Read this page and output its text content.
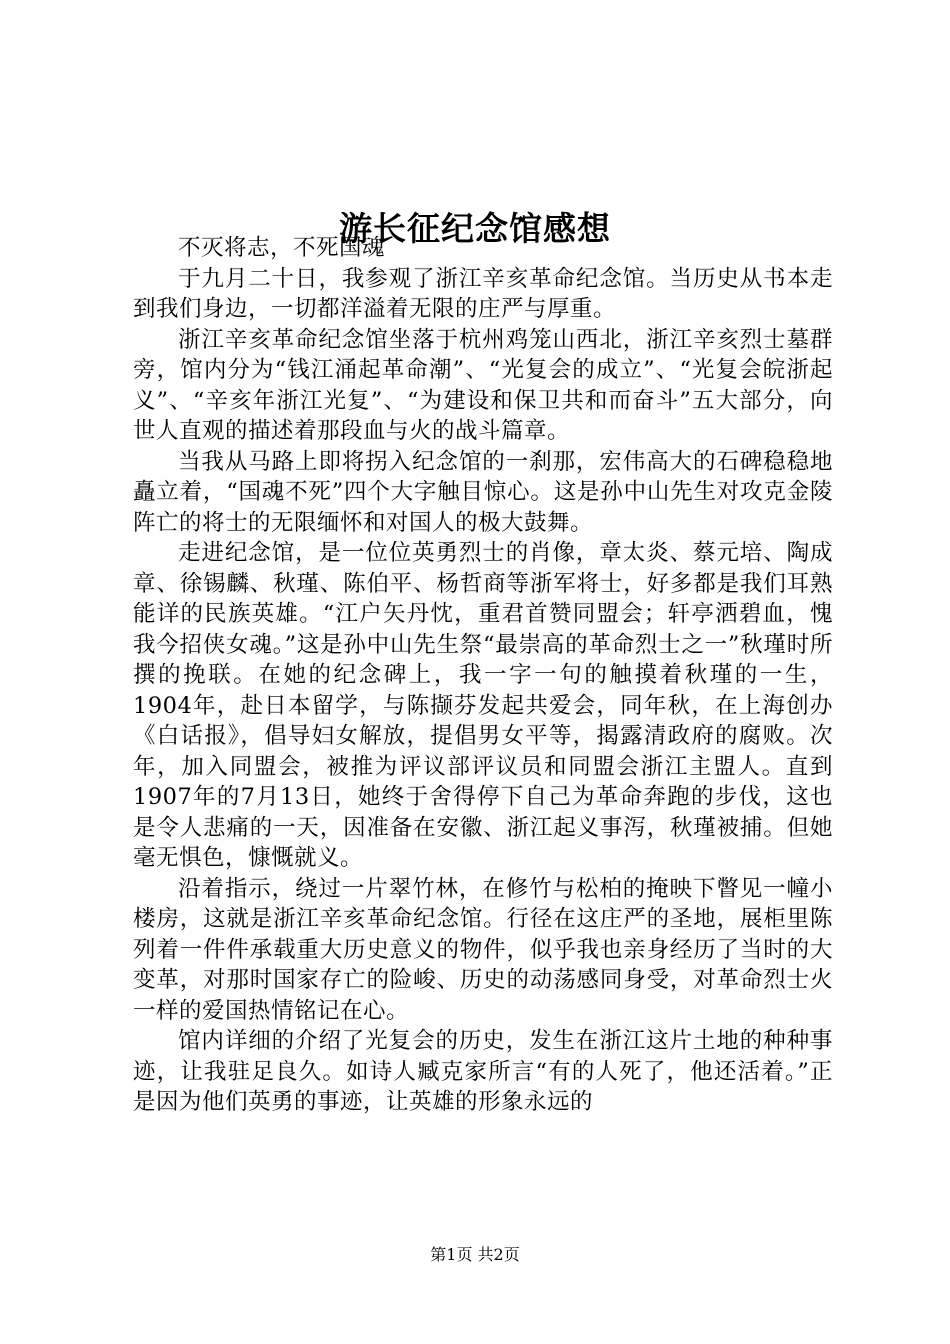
游长征纪念馆感想

不灭将志，不死国魂

于九月二十日，我参观了浙江辛亥革命纪念馆。当历史从书本走到我们身边，一切都洋溢着无限的庄严与厚重。

浙江辛亥革命纪念馆坐落于杭州鸡笼山西北，浙江辛亥烈士墓群旁，馆内分为“钱江涌起革命潮”、“光复会的成立”、“光复会皖浙起义”、“辛亥年浙江光复”、“为建设和保卫共和而奋斗”五大部分，向世人直观的描述着那段血与火的战斗篇章。

当我从马路上即将拐入纪念馆的一刹那，宏伟高大的石碑稳稳地矗立着，“国魂不死”四个大字触目惊心。这是孙中山先生对攻克金陵阵亡的将士的无限缅怀和对国人的极大鼓舞。

走进纪念馆，是一位位英勇烈士的肖像，章太炎、蔡元培、陶成章、徐锡麟、秋瑾、陈伯平、杨哲商等浙军将士，好多都是我们耳熟能详的民族英雄。“江户矢丹忱，重君首赞同盟会；轩亭洒碧血，愧我今招侠女魂。”这是孙中山先生祭“最崇高的革命烈士之一”秋瑾时所撰的挽联。在她的纪念碑上，我一字一句的触摸着秋瑾的一生，1904年，赴日本留学，与陈撷芬发起共爱会，同年秋，在上海创办《白话报》，倡导妇女解放，提倡男女平等，揭露清政府的腐败。次年，加入同盟会，被推为评议部评议员和同盟会浙江主盟人。直到1907年的7月13日，她终于舍得停下自己为革命奔跑的步伐，这也是令人悲痛的一天，因准备在安徽、浙江起义事泻，秋瑾被捕。但她毫无惧色，慷慨就义。

沿着指示，绕过一片翠竹林，在修竹与松柏的掩映下瞥见一幢小楼房，这就是浙江辛亥革命纪念馆。行径在这庄严的圣地，展柜里陈列着一件件承载重大历史意义的物件，似乎我也亲身经历了当时的大变革，对那时国家存亡的险峻、历史的动荡感同身受，对革命烈士火一样的爱国热情铭记在心。

馆内详细的介绍了光复会的历史，发生在浙江这片土地的种种事迹，让我驻足良久。如诗人臧克家所言“有的人死了，他还活着。”正是因为他们英勇的事迹，让英雄的形象永远的

第1页 共2页
